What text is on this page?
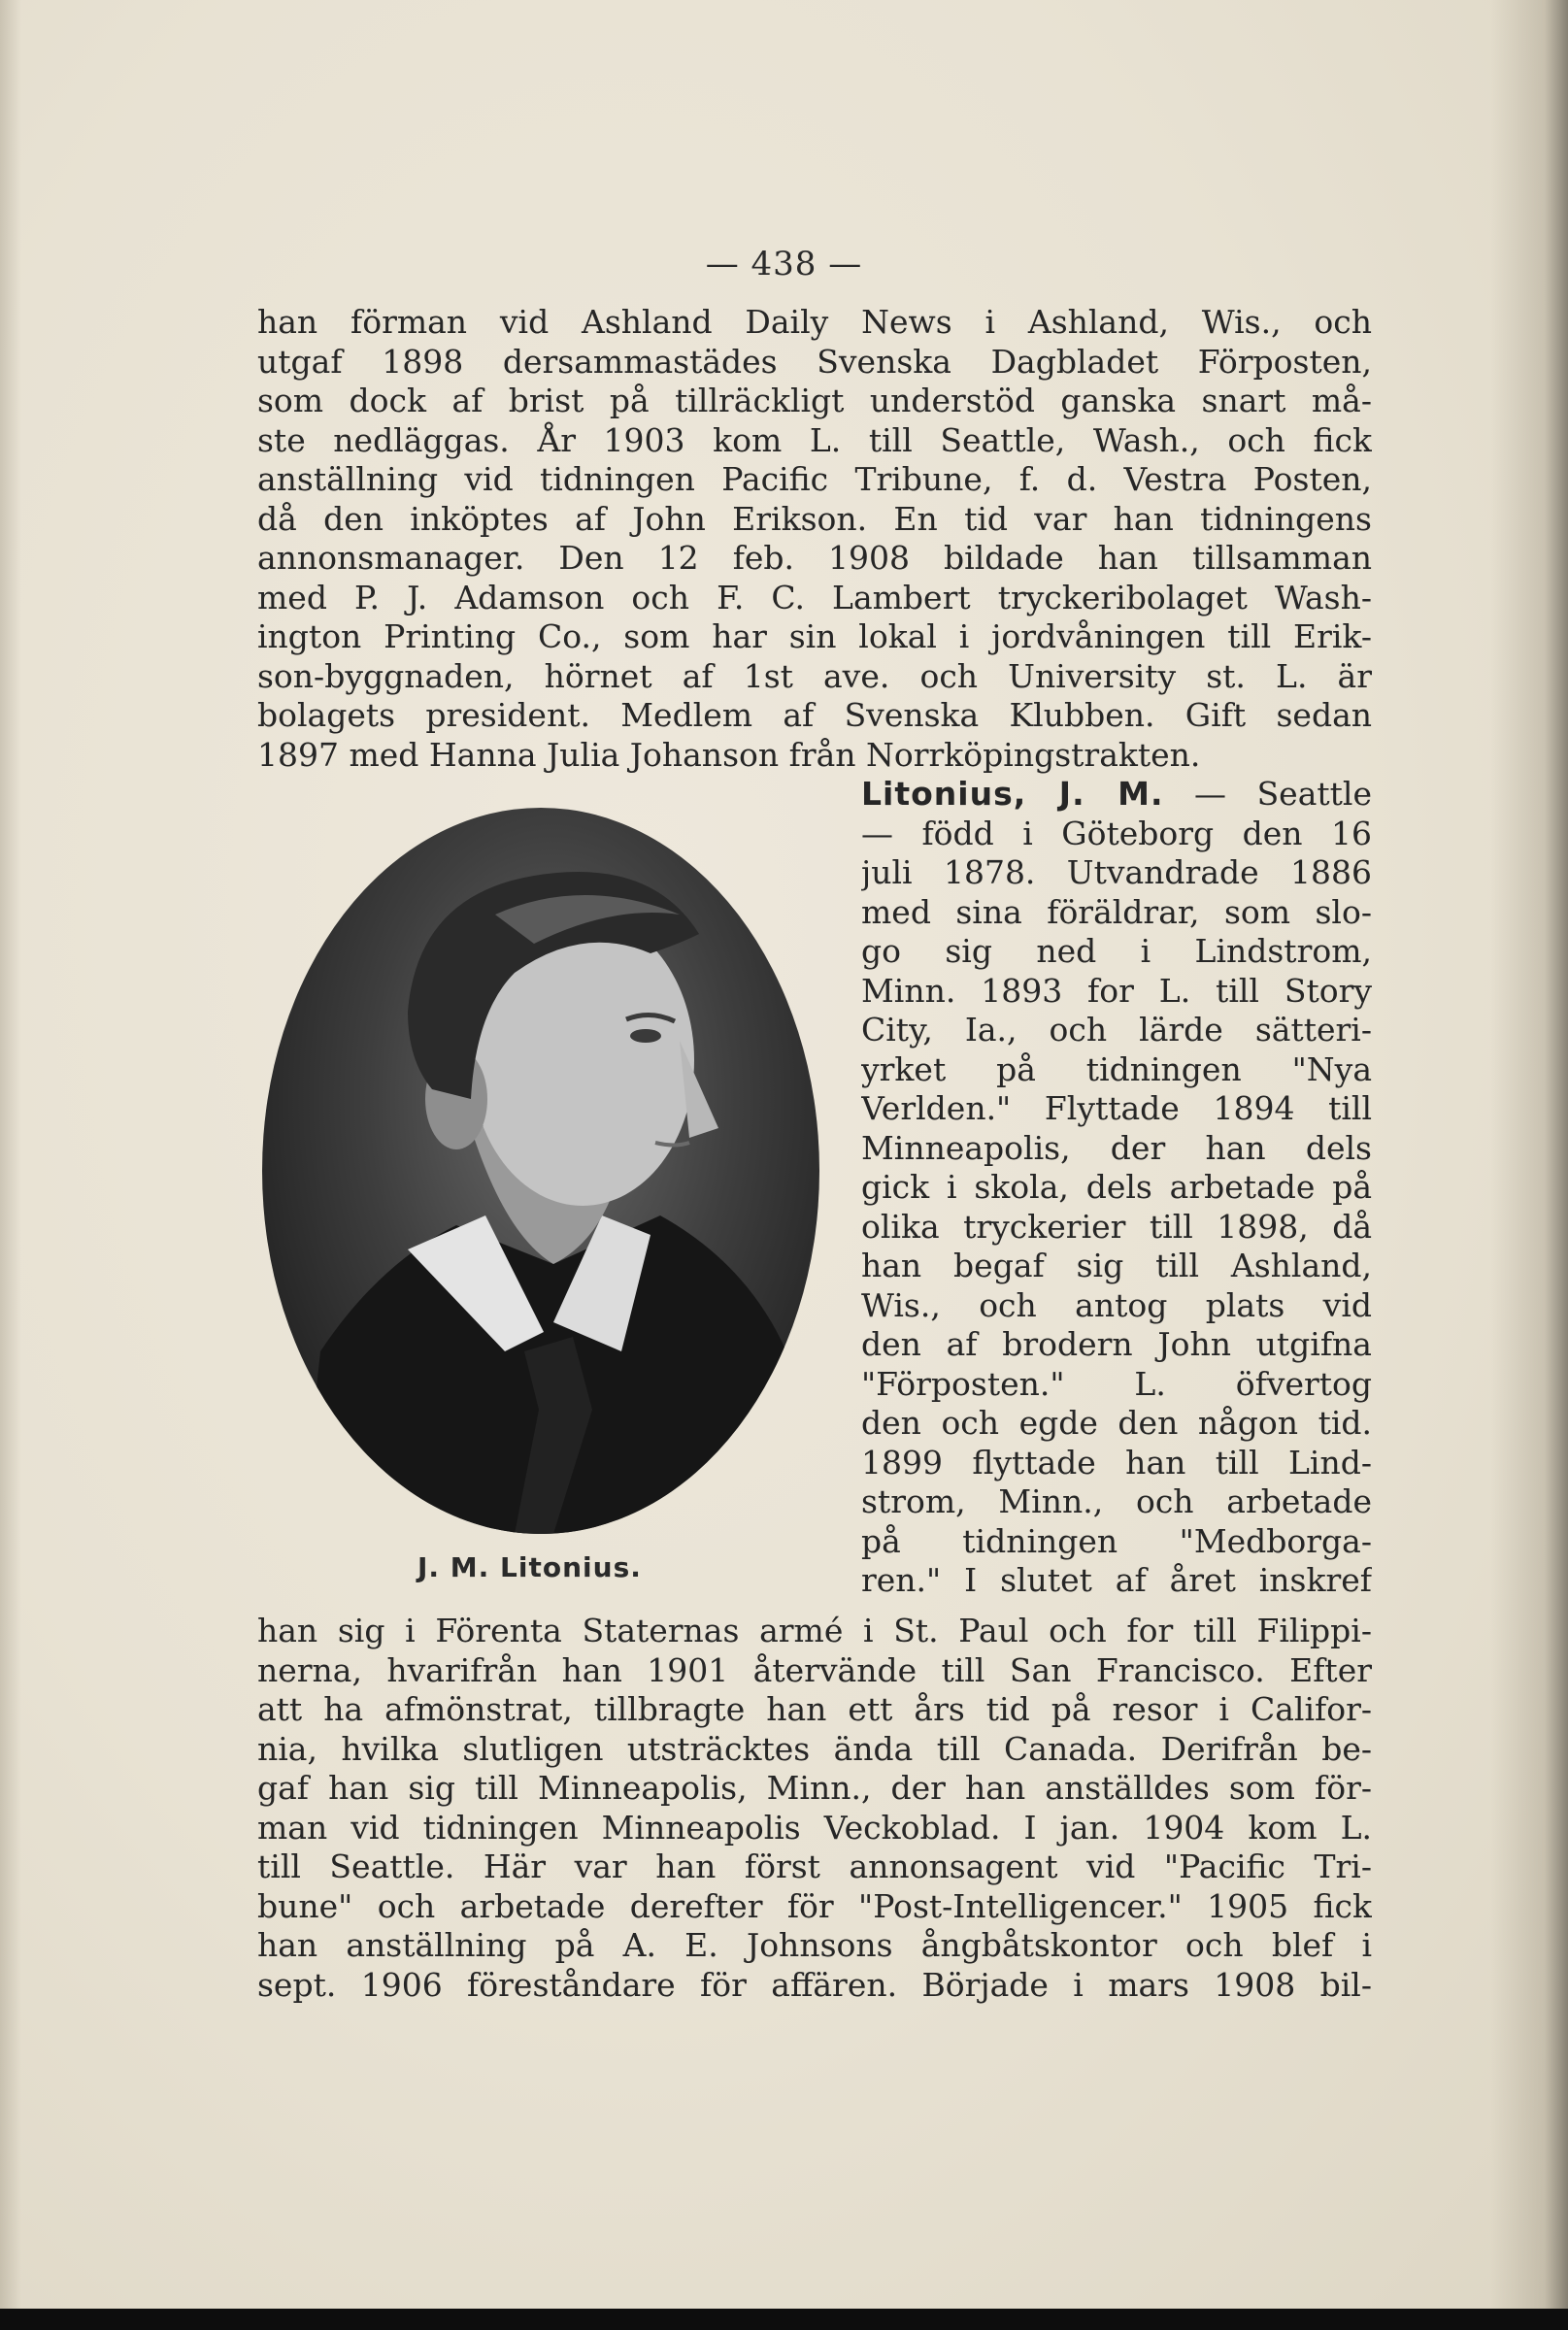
— 438 —
han förman vid Ashland Daily News i Ashland, Wis., och
utgaf 1898 dersammastädes Svenska Dagbladet Förposten,
som dock af brist på tillräckligt understöd ganska snart må-
ste nedläggas. År 1903 kom L. till Seattle, Wash., och fick
anställning vid tidningen Pacific Tribune, f. d. Vestra Posten,
då den inköptes af John Erikson. En tid var han tidningens
annonsmanager. Den 12 feb. 1908 bildade han tillsamman
med P. J. Adamson och F. C. Lambert tryckeribolaget Wash-
ington Printing Co., som har sin lokal i jordvåningen till Erik-
son-byggnaden, hörnet af 1st ave. och University st. L. är
bolagets president. Medlem af Svenska Klubben. Gift sedan
1897 med Hanna Julia Johanson från Norrköpingstrakten.
Litonius, J. M. — Seattle
— född i Göteborg den 16
juli 1878. Utvandrade 1886
med sina föräldrar, som slo-
go sig ned i Lindstrom,
Minn. 1893 for L. till Story
City, Ia., och lärde sätteri-
yrket på tidningen "Nya
Verlden." Flyttade 1894 till
Minneapolis, der han dels
gick i skola, dels arbetade på
olika tryckerier till 1898, då
han begaf sig till Ashland,
Wis., och antog plats vid
den af brodern John utgifna
"Förposten." L. öfvertog
den och egde den någon tid.
1899 flyttade han till Lind-
strom, Minn., och arbetade
på tidningen "Medborga-
ren." I slutet af året inskref
J. M. Litonius.
han sig i Förenta Staternas armé i St. Paul och for till Filippi-
nerna, hvarifrån han 1901 återvände till San Francisco. Efter
att ha afmönstrat, tillbragte han ett års tid på resor i Califor-
nia, hvilka slutligen utsträcktes ända till Canada. Derifrån be-
gaf han sig till Minneapolis, Minn., der han anställdes som för-
man vid tidningen Minneapolis Veckoblad. I jan. 1904 kom L.
till Seattle. Här var han först annonsagent vid "Pacific Tri-
bune" och arbetade derefter för "Post-Intelligencer." 1905 fick
han anställning på A. E. Johnsons ångbåtskontor och blef i
sept. 1906 föreståndare för affären. Började i mars 1908 bil-
